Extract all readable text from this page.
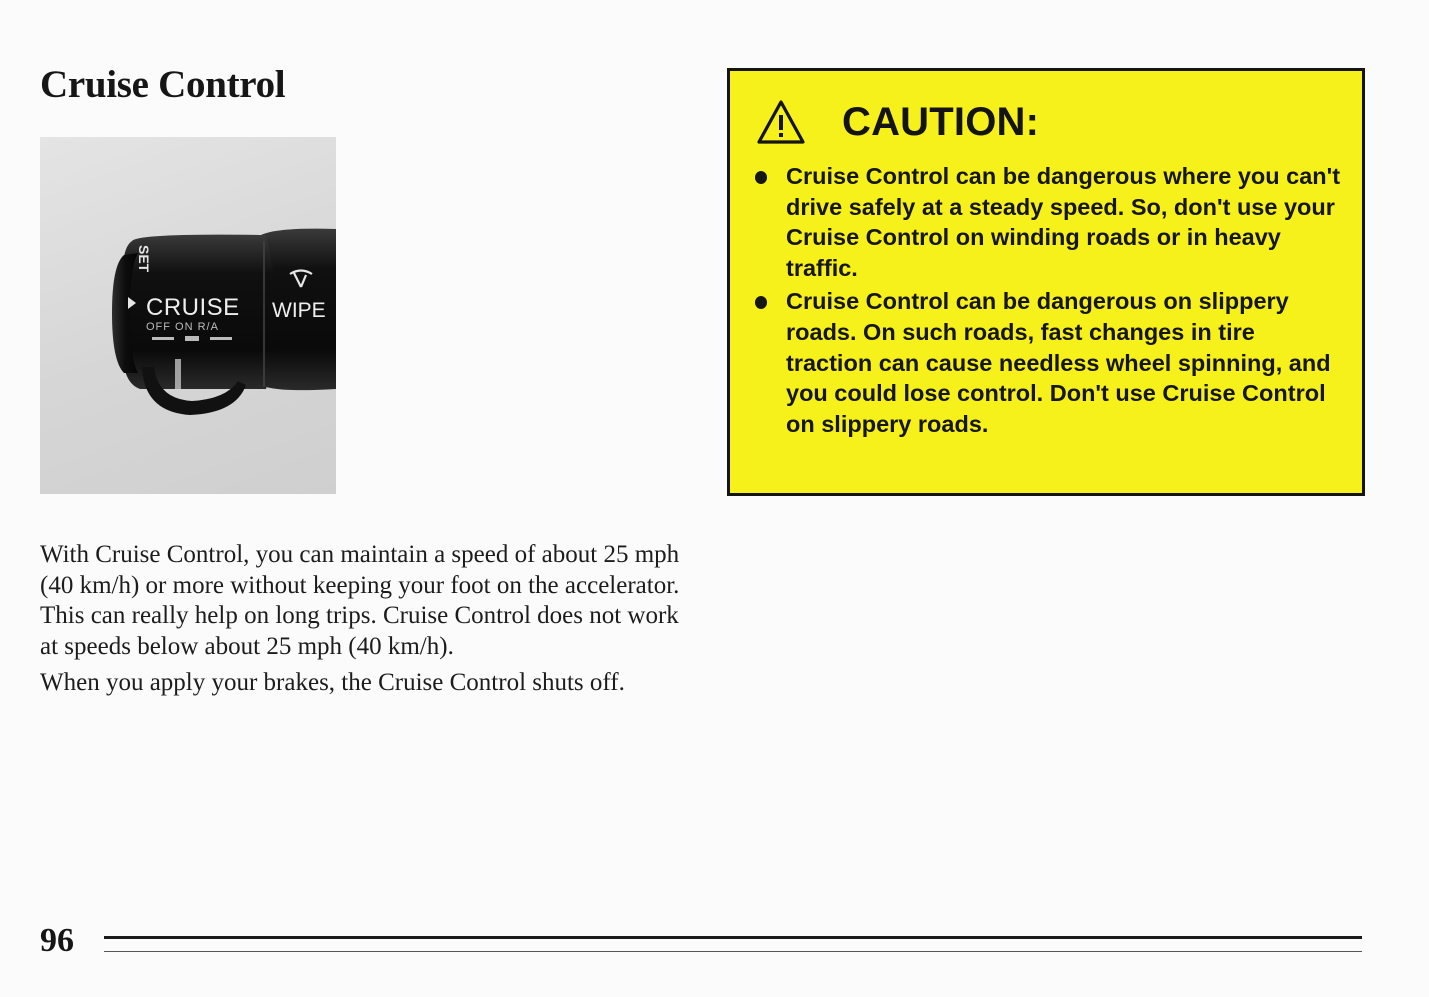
Cruise Control
SET
CRUISE
OFF ON R/A
WIPE

With Cruise Control, you can maintain a speed of about 25 mph (40 km/h) or more without keeping your foot on the accelerator. This can really help on long trips. Cruise Control does not work at speeds below about 25 mph (40 km/h).

When you apply your brakes, the Cruise Control shuts off.

CAUTION:
Cruise Control can be dangerous where you can't drive safely at a steady speed. So, don't use your Cruise Control on winding roads or in heavy traffic.
Cruise Control can be dangerous on slippery roads. On such roads, fast changes in tire traction can cause needless wheel spinning, and you could lose control. Don't use Cruise Control on slippery roads.
96
